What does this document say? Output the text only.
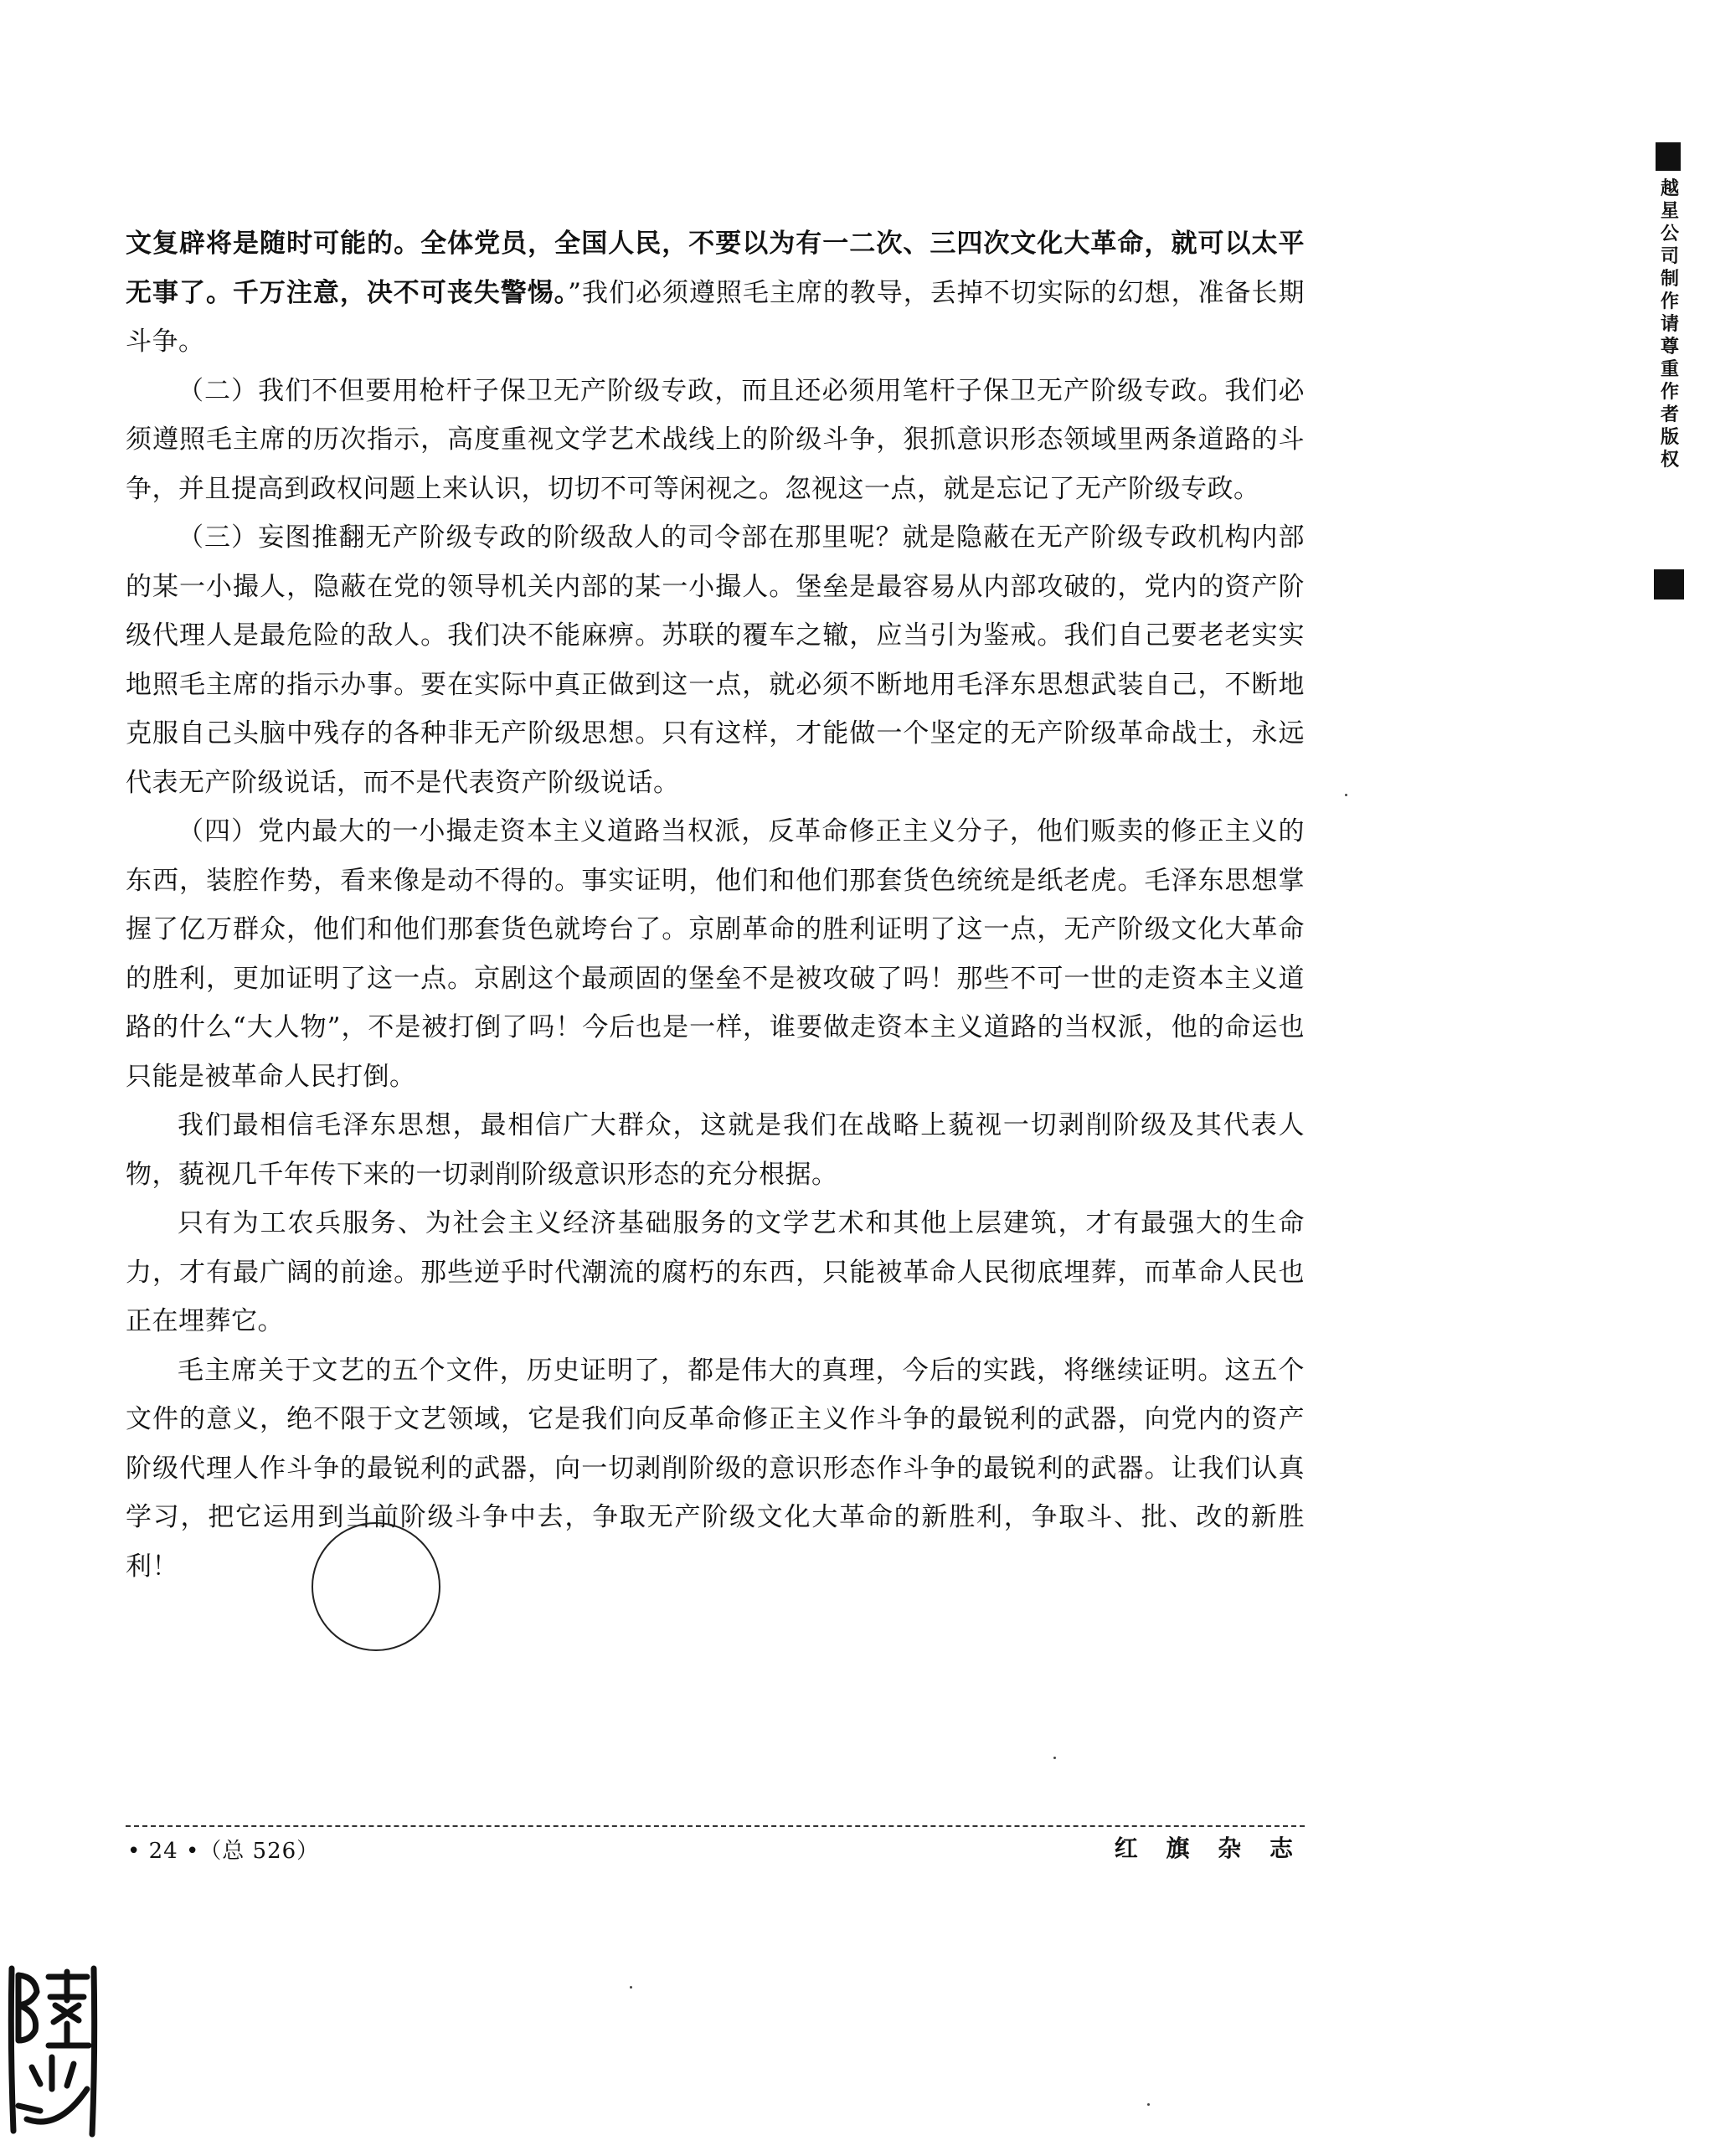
文复辟将是随时可能的。全体党员，全国人民，不要以为有一二次、三四次文化大革命，就可以太平无事了。千万注意，决不可丧失警惕。”我们必须遵照毛主席的教导，丢掉不切实际的幻想，准备长期斗争。

（二）我们不但要用枪杆子保卫无产阶级专政，而且还必须用笔杆子保卫无产阶级专政。我们必须遵照毛主席的历次指示，高度重视文学艺术战线上的阶级斗争，狠抓意识形态领域里两条道路的斗争，并且提高到政权问题上来认识，切切不可等闲视之。忽视这一点，就是忘记了无产阶级专政。

（三）妄图推翻无产阶级专政的阶级敌人的司令部在那里呢？就是隐蔽在无产阶级专政机构内部的某一小撮人，隐蔽在党的领导机关内部的某一小撮人。堡垒是最容易从内部攻破的，党内的资产阶级代理人是最危险的敌人。我们决不能麻痹。苏联的覆车之辙，应当引为鉴戒。我们自己要老老实实地照毛主席的指示办事。要在实际中真正做到这一点，就必须不断地用毛泽东思想武装自己，不断地克服自己头脑中残存的各种非无产阶级思想。只有这样，才能做一个坚定的无产阶级革命战士，永远代表无产阶级说话，而不是代表资产阶级说话。

（四）党内最大的一小撮走资本主义道路当权派，反革命修正主义分子，他们贩卖的修正主义的东西，装腔作势，看来像是动不得的。事实证明，他们和他们那套货色统统是纸老虎。毛泽东思想掌握了亿万群众，他们和他们那套货色就垮台了。京剧革命的胜利证明了这一点，无产阶级文化大革命的胜利，更加证明了这一点。京剧这个最顽固的堡垒不是被攻破了吗！那些不可一世的走资本主义道路的什么“大人物”，不是被打倒了吗！今后也是一样，谁要做走资本主义道路的当权派，他的命运也只能是被革命人民打倒。

我们最相信毛泽东思想，最相信广大群众，这就是我们在战略上藐视一切剥削阶级及其代表人物，藐视几千年传下来的一切剥削阶级意识形态的充分根据。

只有为工农兵服务、为社会主义经济基础服务的文学艺术和其他上层建筑，才有最强大的生命力，才有最广阔的前途。那些逆乎时代潮流的腐朽的东西，只能被革命人民彻底埋葬，而革命人民也正在埋葬它。

毛主席关于文艺的五个文件，历史证明了，都是伟大的真理，今后的实践，将继续证明。这五个文件的意义，绝不限于文艺领域，它是我们向反革命修正主义作斗争的最锐利的武器，向党内的资产阶级代理人作斗争的最锐利的武器，向一切剥削阶级的意识形态作斗争的最锐利的武器。让我们认真学习，把它运用到当前阶级斗争中去，争取无产阶级文化大革命的新胜利，争取斗、批、改的新胜利！

• 24 •（总 526）	红 旗 杂 志
越星公司制作 请尊重作者版权
